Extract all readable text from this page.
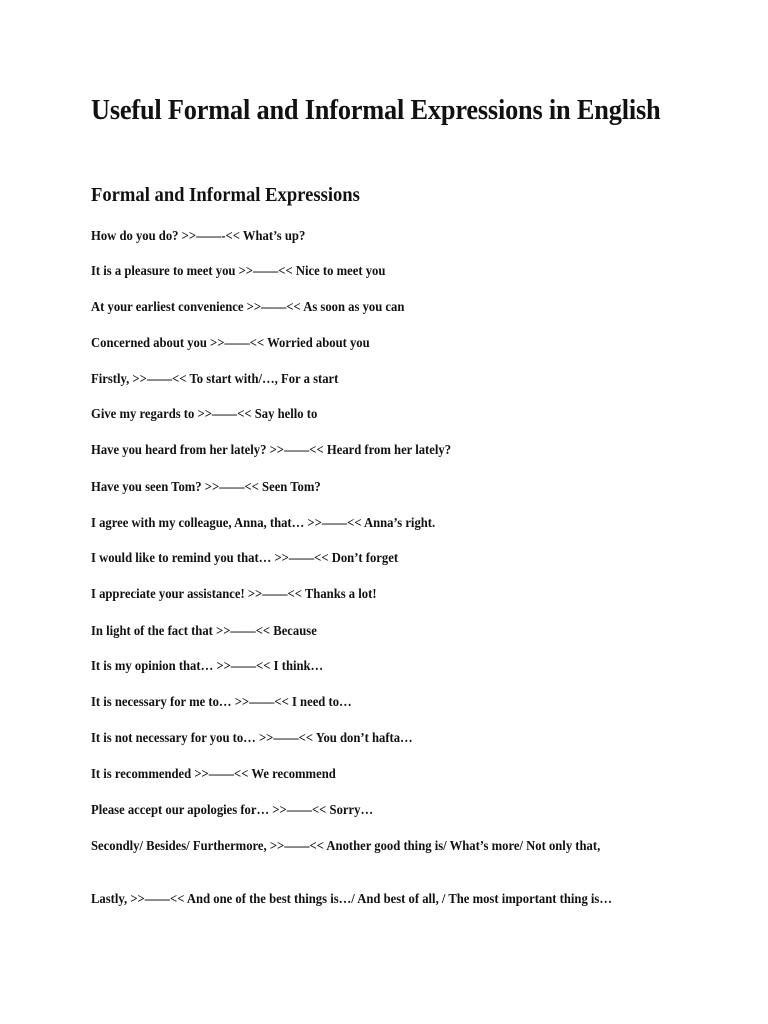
Useful Formal and Informal Expressions in English
Formal and Informal Expressions
How do you do? >>——-<< What’s up?
It is a pleasure to meet you >>——<< Nice to meet you
At your earliest convenience >>——<< As soon as you can
Concerned about you >>——<< Worried about you
Firstly, >>——<< To start with/…, For a start
Give my regards to >>——<< Say hello to
Have you heard from her lately? >>——<< Heard from her lately?
Have you seen Tom? >>——<< Seen Tom?
I agree with my colleague, Anna, that… >>——<< Anna’s right.
I would like to remind you that… >>——<< Don’t forget
I appreciate your assistance! >>——<< Thanks a lot!
In light of the fact that >>——<< Because
It is my opinion that… >>——<< I think…
It is necessary for me to… >>——<< I need to…
It is not necessary for you to… >>——<< You don’t hafta…
It is recommended >>——<< We recommend
Please accept our apologies for… >>——<< Sorry…
Secondly/ Besides/ Furthermore, >>——<< Another good thing is/ What’s more/ Not only that,
Lastly, >>——<< And one of the best things is…/ And best of all, / The most important thing is…
